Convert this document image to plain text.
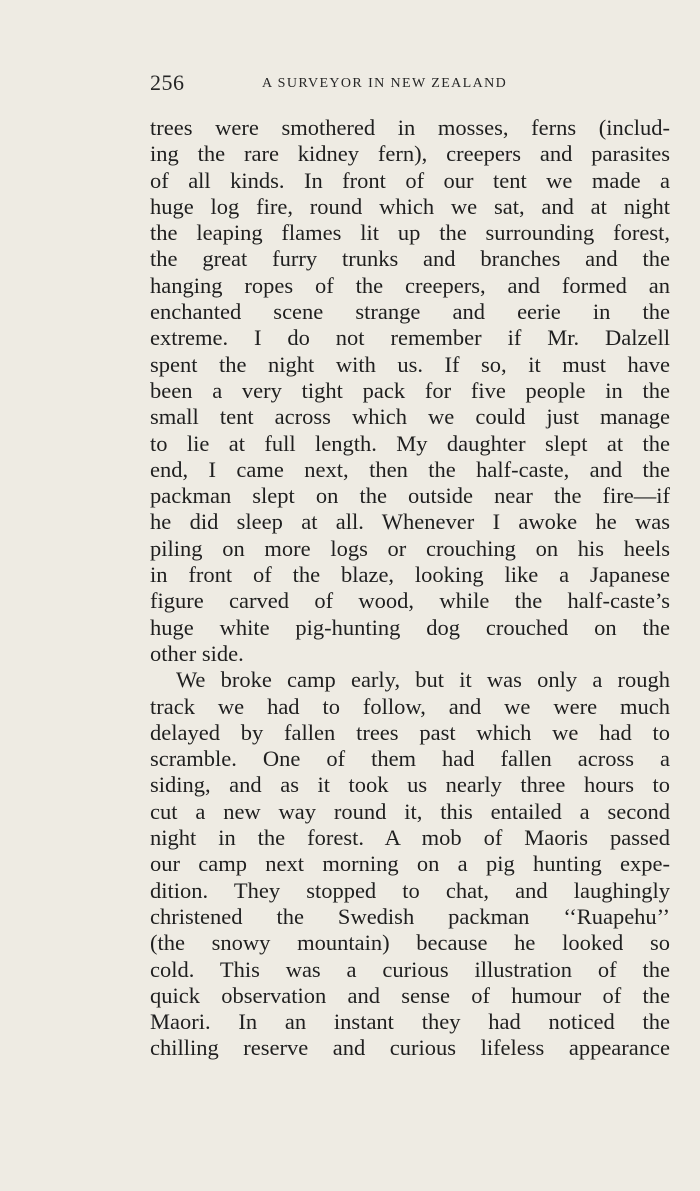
256	A SURVEYOR IN NEW ZEALAND
trees were smothered in mosses, ferns (includ-
ing the rare kidney fern), creepers and parasites
of all kinds. In front of our tent we made a
huge log fire, round which we sat, and at night
the leaping flames lit up the surrounding forest,
the great furry trunks and branches and the
hanging ropes of the creepers, and formed an
enchanted scene strange and eerie in the
extreme. I do not remember if Mr. Dalzell
spent the night with us. If so, it must have
been a very tight pack for five people in the
small tent across which we could just manage
to lie at full length. My daughter slept at the
end, I came next, then the half-caste, and the
packman slept on the outside near the fire—if
he did sleep at all. Whenever I awoke he was
piling on more logs or crouching on his heels
in front of the blaze, looking like a Japanese
figure carved of wood, while the half-caste’s
huge white pig-hunting dog crouched on the
other side.
We broke camp early, but it was only a rough
track we had to follow, and we were much
delayed by fallen trees past which we had to
scramble. One of them had fallen across a
siding, and as it took us nearly three hours to
cut a new way round it, this entailed a second
night in the forest. A mob of Maoris passed
our camp next morning on a pig hunting expe-
dition. They stopped to chat, and laughingly
christened the Swedish packman ‘‘Ruapehu’’
(the snowy mountain) because he looked so
cold. This was a curious illustration of the
quick observation and sense of humour of the
Maori. In an instant they had noticed the
chilling reserve and curious lifeless appearance
